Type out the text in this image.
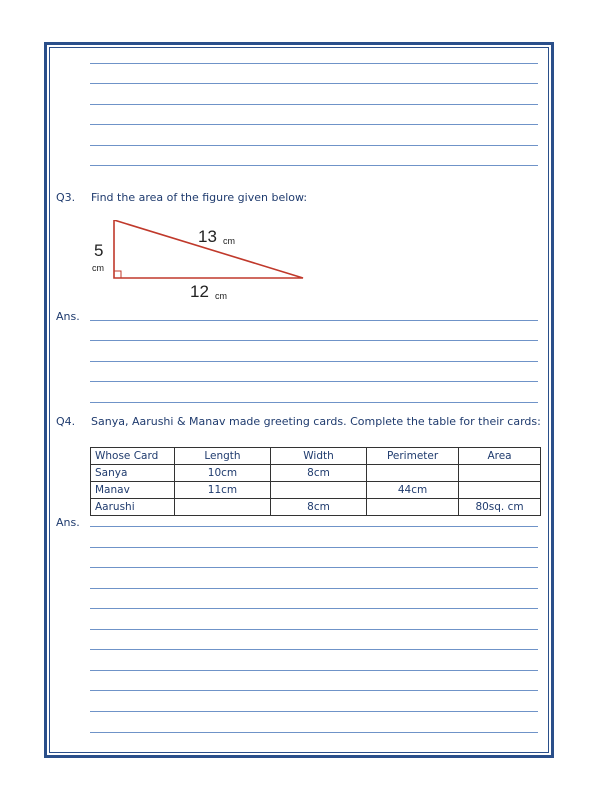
Q3. Find the area of the figure given below:
13 cm
5
cm
12 cm
Ans.
Q4. Sanya, Aarushi & Manav made greeting cards. Complete the table for their cards:
Whose Card	Length	Width	Perimeter	Area
Sanya	10cm	8cm		
Manav	11cm		44cm	
Aarushi		8cm		80sq. cm
Ans.
